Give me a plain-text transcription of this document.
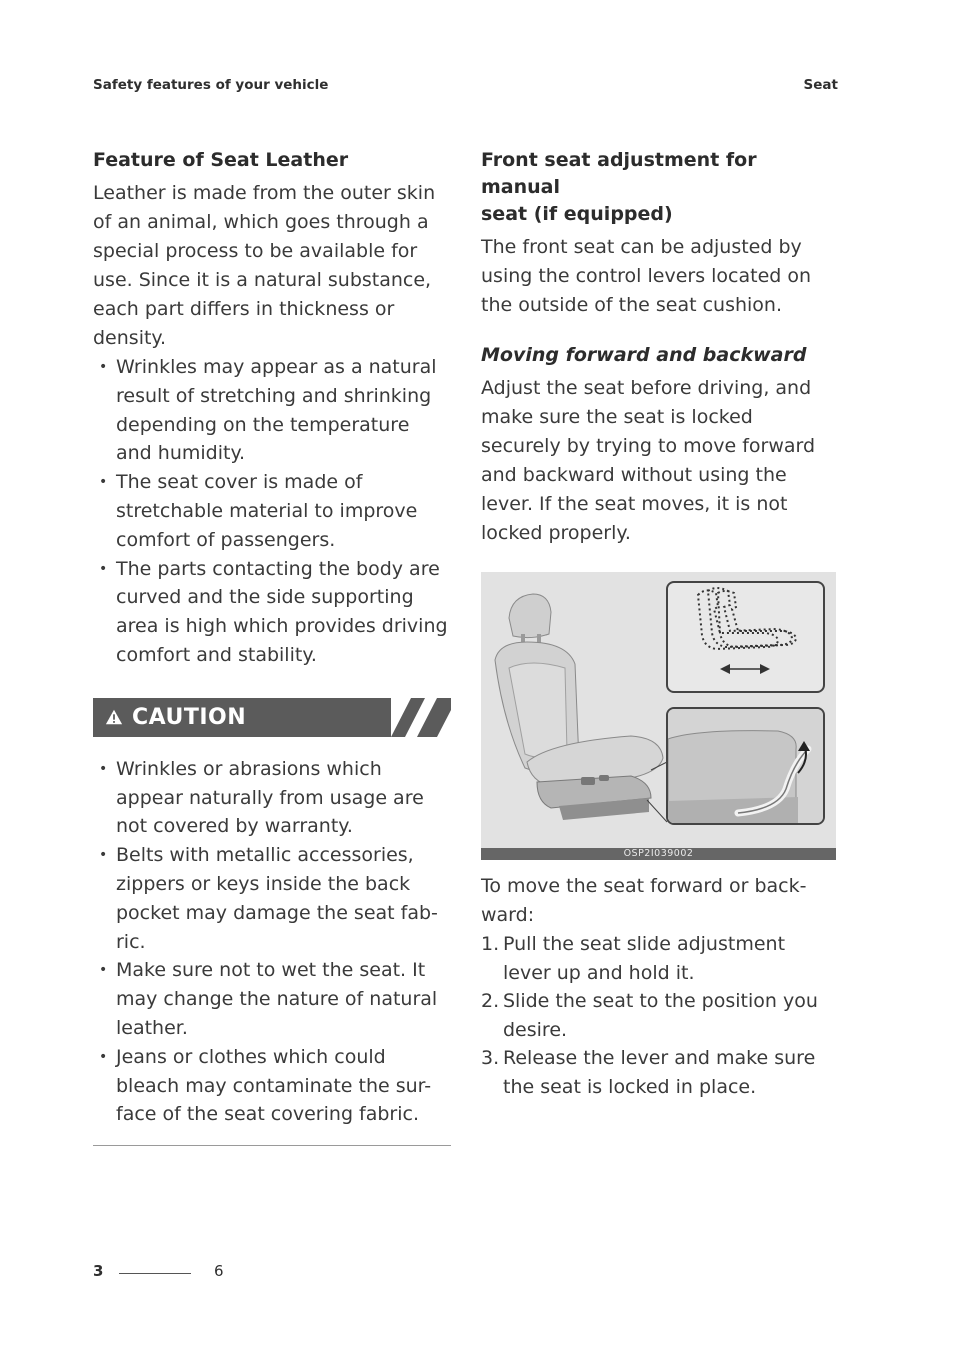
Safety features of your vehicle	Seat
Feature of Seat Leather

Leather is made from the outer skin
of an animal, which goes through a
special process to be available for
use. Since it is a natural substance,
each part differs in thickness or
density.

• Wrinkles may appear as a natural
result of stretching and shrinking
depending on the temperature
and humidity.
• The seat cover is made of
stretchable material to improve
comfort of passengers.
• The parts contacting the body are
curved and the side supporting
area is high which provides driving
comfort and stability.
CAUTION
• Wrinkles or abrasions which
appear naturally from usage are
not covered by warranty.
• Belts with metallic accessories,
zippers or keys inside the back
pocket may damage the seat fab-
ric.
• Make sure not to wet the seat. It
may change the nature of natural
leather.
• Jeans or clothes which could
bleach may contaminate the sur-
face of the seat covering fabric.
Front seat adjustment for manual
seat (if equipped)

The front seat can be adjusted by
using the control levers located on
the outside of the seat cushion.

Moving forward and backward

Adjust the seat before driving, and
make sure the seat is locked
securely by trying to move forward
and backward without using the
lever. If the seat moves, it is not
locked properly.

OSP2I039002

To move the seat forward or back-
ward:

1. Pull the seat slide adjustment
lever up and hold it.
2. Slide the seat to the position you
desire.
3. Release the lever and make sure
the seat is locked in place.
3	6
